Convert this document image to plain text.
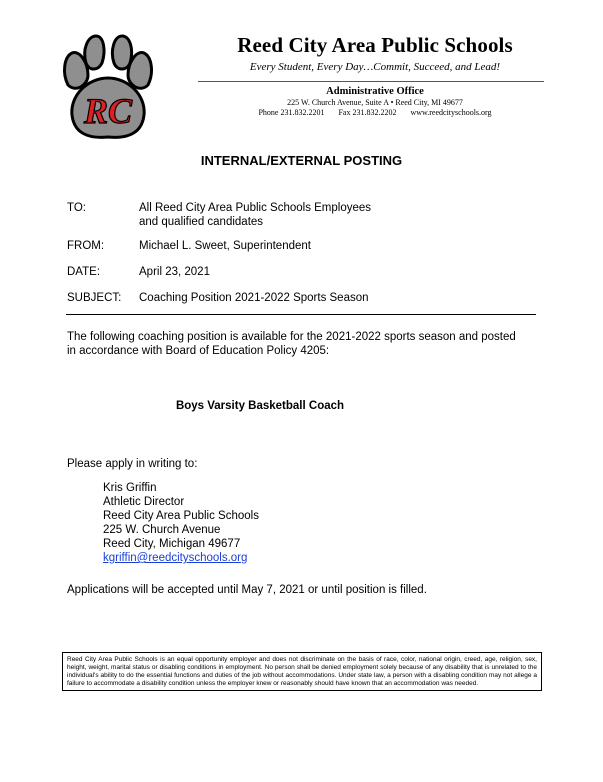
RC
Reed City Area Public Schools
Every Student, Every Day…Commit, Succeed, and Lead!
Administrative Office
225 W. Church Avenue, Suite A • Reed City, MI 49677
Phone 231.832.2201 Fax 231.832.2202 www.reedcityschools.org
INTERNAL/EXTERNAL POSTING
TO:	All Reed City Area Public Schools Employees
and qualified candidates
FROM:	Michael L. Sweet, Superintendent
DATE:	April 23, 2021
SUBJECT: Coaching Position 2021-2022 Sports Season
The following coaching position is available for the 2021-2022 sports season and posted
in accordance with Board of Education Policy 4205:
Boys Varsity Basketball Coach
Please apply in writing to:
Kris Griffin
Athletic Director
Reed City Area Public Schools
225 W. Church Avenue
Reed City, Michigan 49677
kgriffin@reedcityschools.org
Applications will be accepted until May 7, 2021 or until position is filled.
Reed City Area Public Schools is an equal opportunity employer and does not discriminate on the basis of race, color, national origin, creed, age, religion, sex, height, weight, marital status or disabling conditions in employment. No person shall be denied employment solely because of any disability that is unrelated to the individual's ability to do the essential functions and duties of the job without accommodations. Under state law, a person with a disabling condition may not allege a failure to accommodate a disability condition unless the employer knew or reasonably should have known that an accommodation was needed.
